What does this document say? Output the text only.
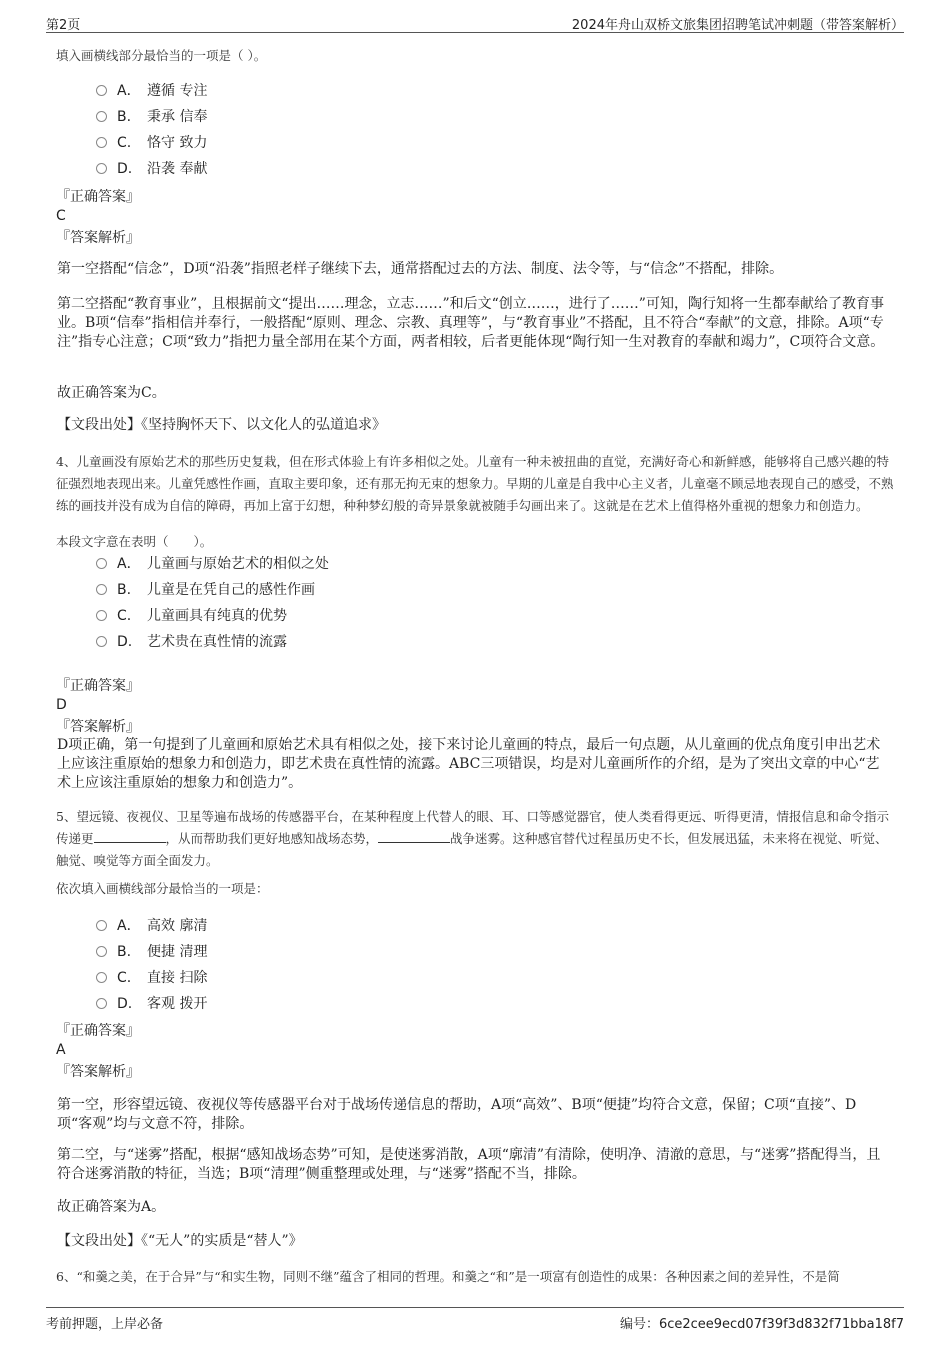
第2页	2024年舟山双桥文旅集团招聘笔试冲刺题（带答案解析）
填入画横线部分最恰当的一项是（ ）。
A． 遵循 专注
B. 秉承 信奉
C. 恪守 致力
D. 沿袭 奉献
『正确答案』
C
『答案解析』
第一空搭配“信念”，D项“沿袭”指照老样子继续下去，通常搭配过去的方法、制度、法令等，与“信念”不搭配，排除。
第二空搭配“教育事业”，且根据前文“提出……理念，立志……”和后文“创立……，进行了……”可知，陶行知将一生都奉献给了教育事业。B项“信奉”指相信并奉行，一般搭配“原则、理念、宗教、真理等”，与“教育事业”不搭配，且不符合“奉献”的文意，排除。A项“专注”指专心注意；C项“致力”指把力量全部用在某个方面，两者相较，后者更能体现“陶行知一生对教育的奉献和竭力”，C项符合文意。
故正确答案为C。
【文段出处】《坚持胸怀天下、以文化人的弘道追求》
4、儿童画没有原始艺术的那些历史复栽，但在形式体验上有许多相似之处。儿童有一种未被扭曲的直觉，充满好奇心和新鲜感，能够将自己感兴趣的特征强烈地表现出来。儿童凭感性作画，直取主要印象，还有那无拘无束的想象力。早期的儿童是自我中心主义者，儿童毫不顾忌地表现自己的感受，不熟练的画技并没有成为自信的障碍，再加上富于幻想，种种梦幻般的奇异景象就被随手勾画出来了。这就是在艺术上值得格外重视的想象力和创造力。
本段文字意在表明（　　）。
A． 儿童画与原始艺术的相似之处
B. 儿童是在凭自己的感性作画
C. 儿童画具有纯真的优势
D. 艺术贵在真性情的流露
『正确答案』
D
『答案解析』
D项正确，第一句提到了儿童画和原始艺术具有相似之处，接下来讨论儿童画的特点，最后一句点题，从儿童画的优点角度引申出艺术上应该注重原始的想象力和创造力，即艺术贵在真性情的流露。ABC三项错误，均是对儿童画所作的介绍，是为了突出文章的中心“艺术上应该注重原始的想象力和创造力”。
5、望远镜、夜视仪、卫星等遍布战场的传感器平台，在某种程度上代替人的眼、耳、口等感觉器官，使人类看得更远、听得更清，情报信息和命令指示传递更	，从而帮助我们更好地感知战场态势，	战争迷雾。这种感官替代过程虽历史不长，但发展迅猛，未来将在视觉、听觉、触觉、嗅觉等方面全面发力。
依次填入画横线部分最恰当的一项是：
A． 高效 廓清
B. 便捷 清理
C. 直接 扫除
D. 客观 拨开
『正确答案』
A
『答案解析』
第一空，形容望远镜、夜视仪等传感器平台对于战场传递信息的帮助，A项“高效”、B项“便捷”均符合文意，保留；C项“直接”、D项“客观”均与文意不符，排除。
第二空，与“迷雾”搭配，根据“感知战场态势”可知，是使迷雾消散，A项“廓清”有清除，使明净、清澈的意思，与“迷雾”搭配得当，且符合迷雾消散的特征，当选；B项“清理”侧重整理或处理，与“迷雾”搭配不当，排除。
故正确答案为A。
【文段出处】《“无人”的实质是“替人”》
6、“和羹之美，在于合异”与“和实生物，同则不继”蕴含了相同的哲理。和羹之“和”是一项富有创造性的成果：各种因素之间的差异性，不是简
考前押题，上岸必备	编号：6ce2cee9ecd07f39f3d832f71bba18f7
